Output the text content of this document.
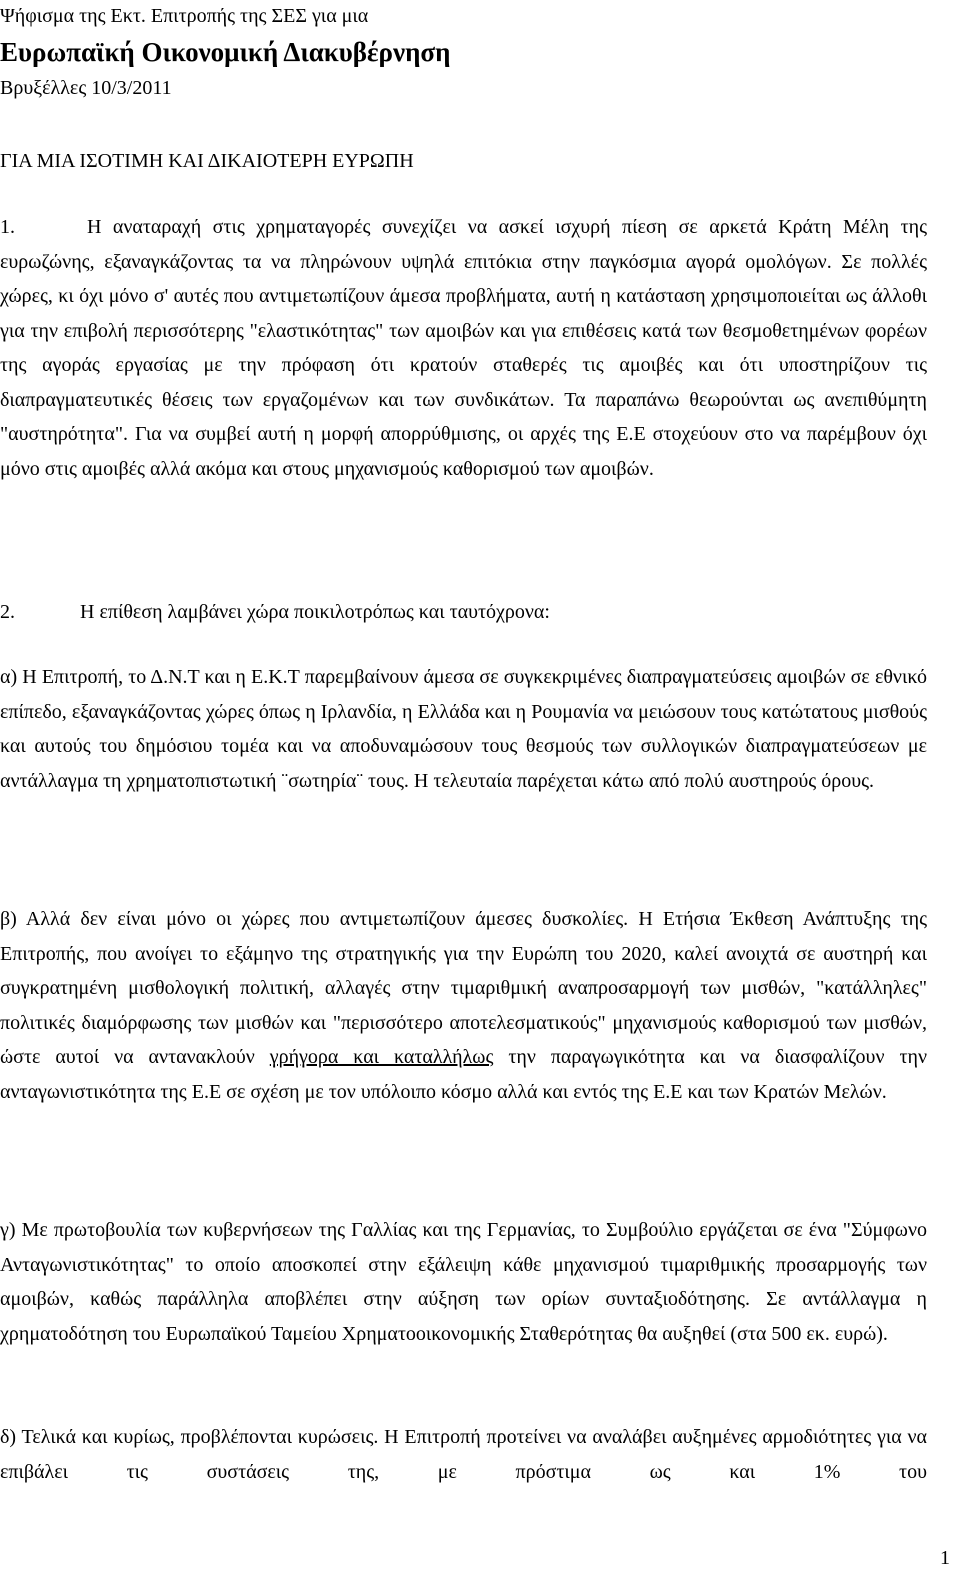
Ψήφισμα της Εκτ. Επιτροπής της ΣΕΣ για μια
Ευρωπαϊκή Οικονομική Διακυβέρνηση
Βρυξέλλες 10/3/2011
ΓΙΑ ΜΙΑ ΙΣΟΤΙΜΗ ΚΑΙ ΔΙΚΑΙΟΤΕΡΗ ΕΥΡΩΠΗ
1.	Η αναταραχή στις χρηματαγορές συνεχίζει να ασκεί ισχυρή πίεση σε αρκετά Κράτη Μέλη της ευρωζώνης, εξαναγκάζοντας τα να πληρώνουν υψηλά επιτόκια στην παγκόσμια αγορά ομολόγων. Σε πολλές χώρες, κι όχι μόνο σ' αυτές που αντιμετωπίζουν άμεσα προβλήματα, αυτή η κατάσταση χρησιμοποιείται ως άλλοθι για την επιβολή περισσότερης "ελαστικότητας" των αμοιβών και για επιθέσεις κατά των θεσμοθετημένων φορέων της αγοράς εργασίας με την πρόφαση ότι κρατούν σταθερές τις αμοιβές και ότι υποστηρίζουν τις διαπραγματευτικές θέσεις των εργαζομένων και των συνδικάτων. Τα παραπάνω θεωρούνται ως ανεπιθύμητη "αυστηρότητα". Για να συμβεί αυτή η μορφή απορρύθμισης, οι αρχές της Ε.Ε στοχεύουν στο να παρέμβουν όχι μόνο στις αμοιβές αλλά ακόμα και στους μηχανισμούς καθορισμού των αμοιβών.
2.	Η επίθεση λαμβάνει χώρα ποικιλοτρόπως και ταυτόχρονα:
α) Η Επιτροπή, το Δ.Ν.Τ και η Ε.Κ.Τ παρεμβαίνουν άμεσα σε συγκεκριμένες διαπραγματεύσεις αμοιβών σε εθνικό επίπεδο, εξαναγκάζοντας χώρες όπως η Ιρλανδία, η Ελλάδα και η Ρουμανία να μειώσουν τους κατώτατους μισθούς και αυτούς του δημόσιου τομέα και να αποδυναμώσουν τους θεσμούς των συλλογικών διαπραγματεύσεων με αντάλλαγμα τη χρηματοπιστωτική ¨σωτηρία¨ τους. Η τελευταία παρέχεται κάτω από πολύ αυστηρούς όρους.
β) Αλλά δεν είναι μόνο οι χώρες που αντιμετωπίζουν άμεσες δυσκολίες. Η Ετήσια Έκθεση Ανάπτυξης της Επιτροπής, που ανοίγει το εξάμηνο της στρατηγικής για την Ευρώπη του 2020, καλεί ανοιχτά σε αυστηρή και συγκρατημένη μισθολογική πολιτική, αλλαγές στην τιμαριθμική αναπροσαρμογή των μισθών, "κατάλληλες" πολιτικές διαμόρφωσης των μισθών και "περισσότερο αποτελεσματικούς" μηχανισμούς καθορισμού των μισθών, ώστε αυτοί να αντανακλούν γρήγορα και καταλλήλως την παραγωγικότητα και να διασφαλίζουν την ανταγωνιστικότητα της Ε.Ε σε σχέση με τον υπόλοιπο κόσμο αλλά και εντός της Ε.Ε και των Κρατών Μελών.
γ) Με πρωτοβουλία των κυβερνήσεων της Γαλλίας και της Γερμανίας, το Συμβούλιο εργάζεται σε ένα "Σύμφωνο Ανταγωνιστικότητας" το οποίο αποσκοπεί στην εξάλειψη κάθε μηχανισμού τιμαριθμικής προσαρμογής των αμοιβών, καθώς παράλληλα αποβλέπει στην αύξηση των ορίων συνταξιοδότησης. Σε αντάλλαγμα η χρηματοδότηση του Ευρωπαϊκού Ταμείου Χρηματοοικονομικής Σταθερότητας θα αυξηθεί (στα 500 εκ. ευρώ).
δ) Τελικά και κυρίως, προβλέπονται κυρώσεις. Η Επιτροπή προτείνει να αναλάβει αυξημένες αρμοδιότητες για να επιβάλει τις συστάσεις της, με πρόστιμα ως και 1% του
1
